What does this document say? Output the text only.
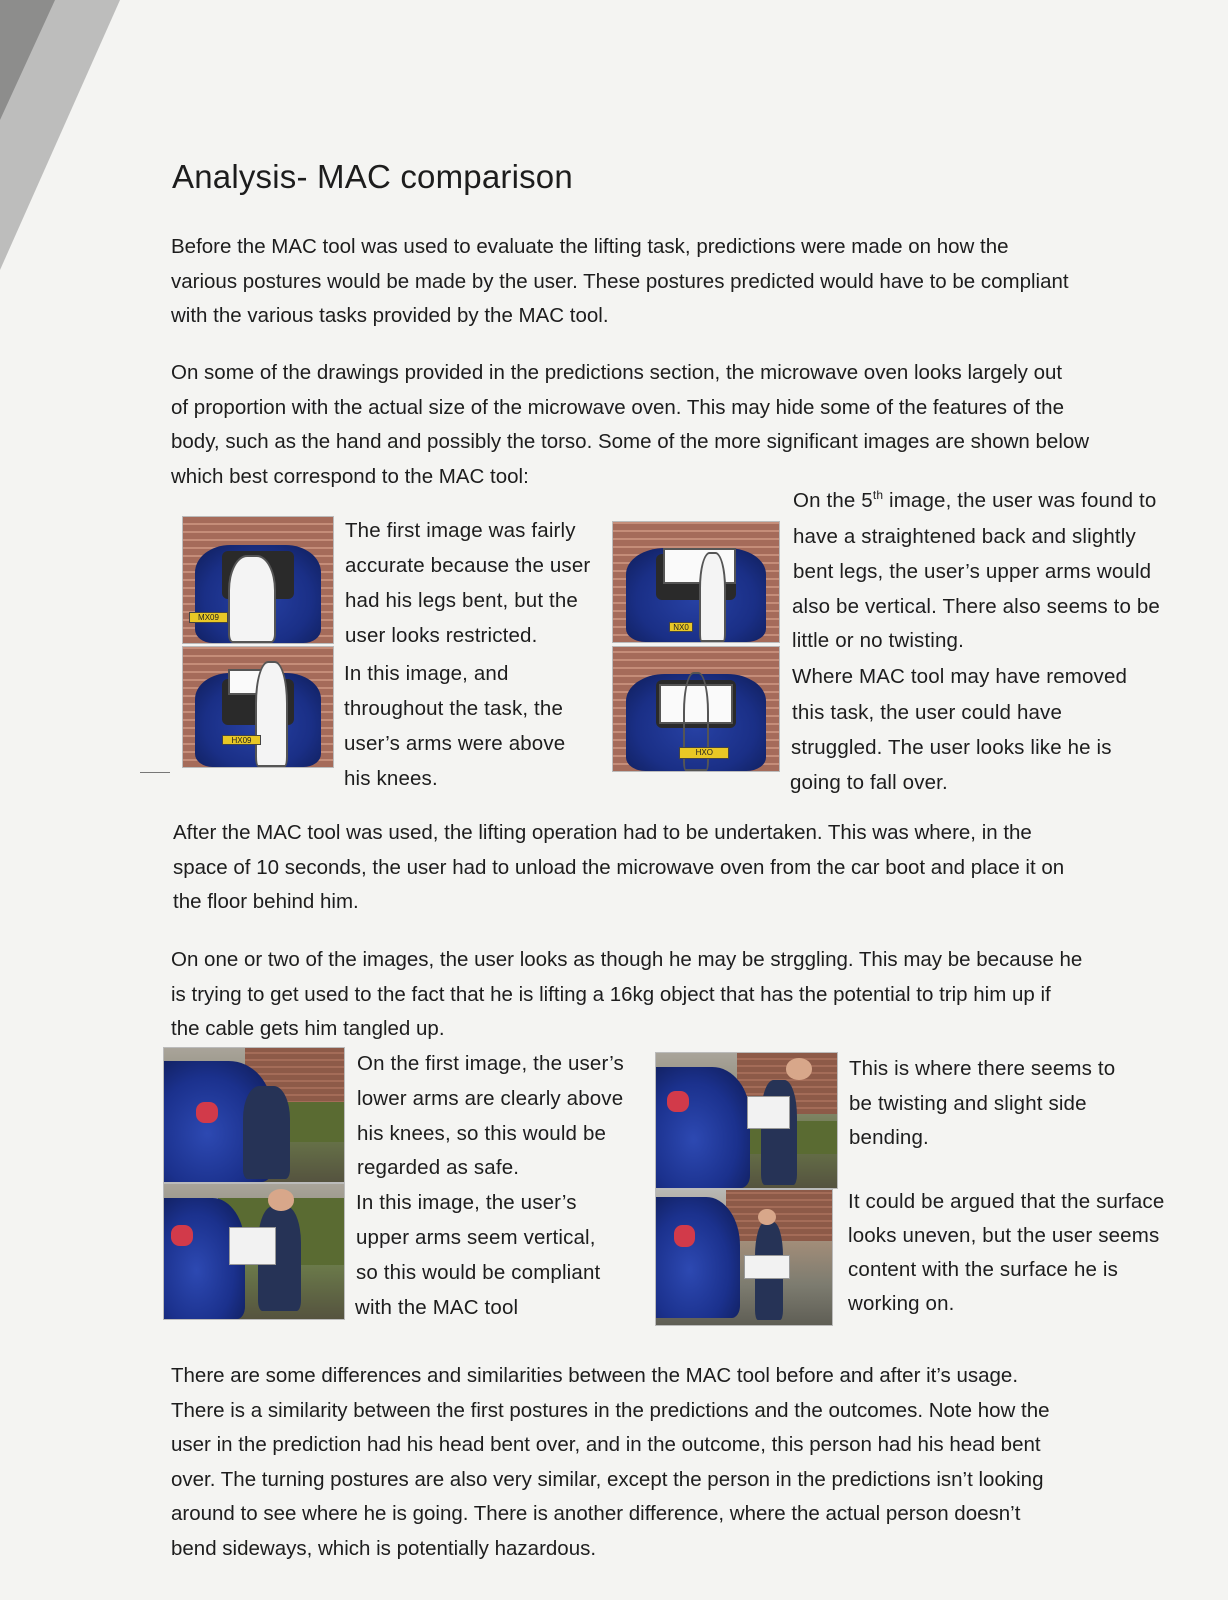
Analysis- MAC comparison
Before the MAC tool was used to evaluate the lifting task, predictions were made on how the
various postures would be made by the user. These postures predicted would have to be compliant
with the various tasks provided by the MAC tool.
On some of the drawings provided in the predictions section, the microwave oven looks largely out
of proportion with the actual size of the microwave oven. This may hide some of the features of the
body, such as the hand and possibly the torso. Some of the more significant images are shown below
which best correspond to the MAC tool:
MX09
HX09
NX0
HXO
The first image was fairly
accurate because the user
had his legs bent, but the
user looks restricted.
In this image, and
throughout the task, the
user’s arms were above
his knees.
On the 5th image, the user was found to
have a straightened back and slightly
bent legs, the user’s upper arms would
also be vertical. There also seems to be
little or no twisting.
Where MAC tool may have removed
this task, the user could have
struggled. The user looks like he is
going to fall over.
After the MAC tool was used, the lifting operation had to be undertaken. This was where, in the
space of 10 seconds, the user had to unload the microwave oven from the car boot and place it on
the floor behind him.
On one or two of the images, the user looks as though he may be strggling. This may be because he
is trying to get used to the fact that he is lifting a 16kg object that has the potential to trip him up if
the cable gets him tangled up.
On the first image, the user’s
lower arms are clearly above
his knees, so this would be
regarded as safe.
In this image, the user’s
upper arms seem vertical,
so this would be compliant
with the MAC tool
This is where there seems to
be twisting and slight side
bending.
It could be argued that the surface
looks uneven, but the user seems
content with the surface he is
working on.
There are some differences and similarities between the MAC tool before and after it’s usage.
There is a similarity between the first postures in the predictions and the outcomes. Note how the
user in the prediction had his head bent over, and in the outcome, this person had his head bent
over. The turning postures are also very similar, except the person in the predictions isn’t looking
around to see where he is going. There is another difference, where the actual person doesn’t
bend sideways, which is potentially hazardous.
